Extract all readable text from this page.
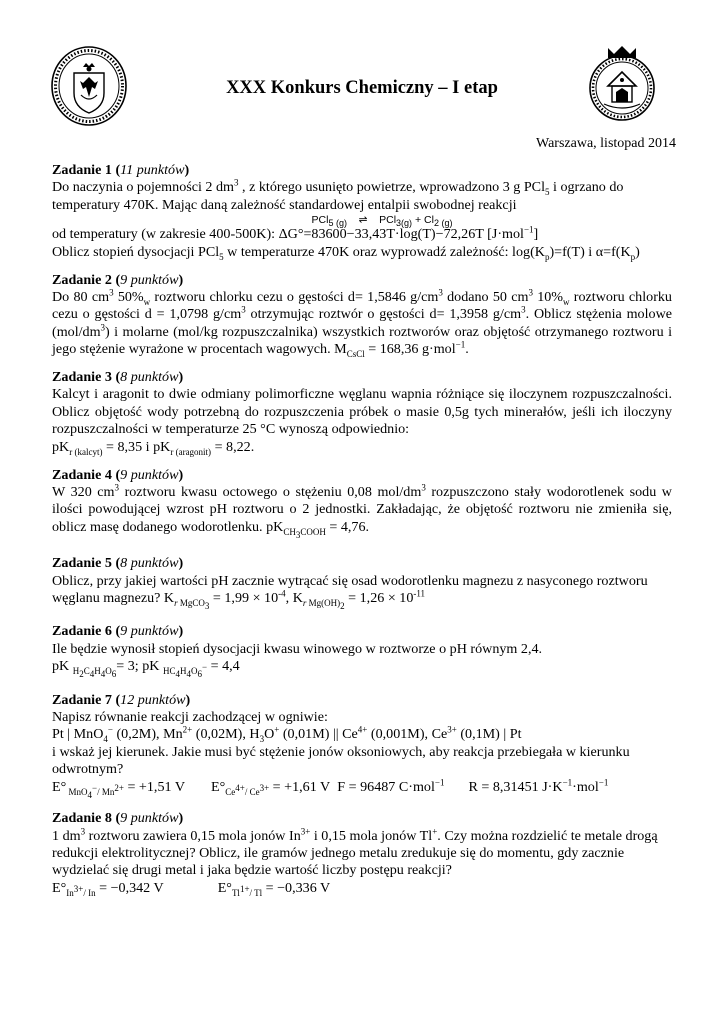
XXX Konkurs Chemiczny – I etap
Warszawa, listopad 2014

Zadanie 1 (11 punktów)

Do naczynia o pojemności 2 $dm^3$ , z którego usunięto powietrze, wprowadzono 3 g PCl$_5$ i ogrzano do
temperatury 470K. Mając daną zależność standardowej entalpii swobodnej reakcji

PCl$_{5 (g)}$ ⇌ $PCl_{3(g)} + Cl_{2 (g)}$

od temperatury (w zakresie 400-500K): ΔG°=83600−33,43T·log(T)−72,26T [J·mol$^{-1}$]
Oblicz stopień dysocjacji PCl$_5$ w temperaturze 470K oraz wyprowadź zależność: $\log(K_p)=f(T)$ i $\alpha=f(K_p)$

Zadanie 2 (9 punktów)

Do 80 $cm^3$ $50\%_w$ roztworu chlorku cezu o gęstości d= 1,5846 $g/cm^3$ dodano 50 $cm^3$ $10\%_w$ roztworu chlorku cezu o gęstości d = 1,0798 $g/cm^3$ otrzymując roztwór o gęstości d= 1,3958 $g/cm^3$. Oblicz stężenia molowe $(mol/dm^3)$ i molarne (mol/kg rozpuszczalnika) wszystkich roztworów oraz objętość otrzymanego roztworu i jego stężenie wyrażone w procentach wagowych. $M_{CsCl} = 168,36$ g·mol$^{-1}$.

Zadanie 3 (8 punktów)

Kalcyt i aragonit to dwie odmiany polimorficzne węglanu wapnia różniące się iloczynem rozpuszczalności. Oblicz objętość wody potrzebną do rozpuszczenia próbek o masie 0,5g tych minerałów, jeśli ich iloczyny rozpuszczalności w temperaturze 25 °C wynoszą odpowiednio:

$pK_{r (kalcyt)} = 8,35$ i $pK_{r (aragonit)} = 8,22$.

Zadanie 4 (9 punktów)

W 320 $cm^3$ roztworu kwasu octowego o stężeniu 0,08 mol/$dm^3$ rozpuszczono stały wodorotlenek sodu w ilości powodującej wzrost pH roztworu o 2 jednostki. Zakładając, że objętość roztworu nie zmieniła się, oblicz masę dodanego wodorotlenku. $pK_{CH_3COOH} = 4,76$.

Zadanie 5 (8 punktów)

Oblicz, przy jakiej wartości pH zacznie wytrącać się osad wodorotlenku magnezu z nasyconego roztworu
węglanu magnezu? $K_{r MgCO_3} = 1,99 \times 10^{-4}$, $K_{r Mg(OH)_2} = 1,26 \times 10^{-11}$

Zadanie 6 (9 punktów)

Ile będzie wynosił stopień dysocjacji kwasu winowego w roztworze o pH równym 2,4.
pK $_{H_2C_4H_4O_6}$= 3; pK $_{HC_4H_4O_6^-}$ = 4,4

Zadanie 7 (12 punktów)

Napisz równanie reakcji zachodzącej w ogniwie:
Pt | MnO$_4$− (0,2M), $Mn^{2+}$ (0,02M), $H_3O^+$ (0,01M) || $Ce^{4+}$ (0,001M), $Ce^{3+}$ (0,1M) | Pt
i wskaż jej kierunek. Jakie musi być stężenie jonów oksoniowych, aby reakcja przebiegała w kierunku odwrotnym?

E° $_{MnO_4^-/ Mn^{2+}}$ = +1,51 V $E^\circ_{Ce^{4+}/ Ce^{3+}} = +1,61$ V F = 96487 C·mol$^{-1}$ R = 8,31451 $J\cdot K^{-1}\cdot mol^{-1}$

Zadanie 8 (9 punktów)

1 $dm^3$ roztworu zawiera 0,15 mola jonów $In^{3+}$ i 0,15 mola jonów Tl+. Czy można rozdzielić te metale drogą redukcji elektrolitycznej? Oblicz, ile gramów jednego metalu zredukuje się do momentu, gdy zacznie wydzielać się drugi metal i jaka będzie wartość liczby postępu reakcji?

$E^\circ_{In^{3+}/ In} = -0,342$ V	$E^\circ_{Tl^{1+}/ Tl} = -0,336$ V
